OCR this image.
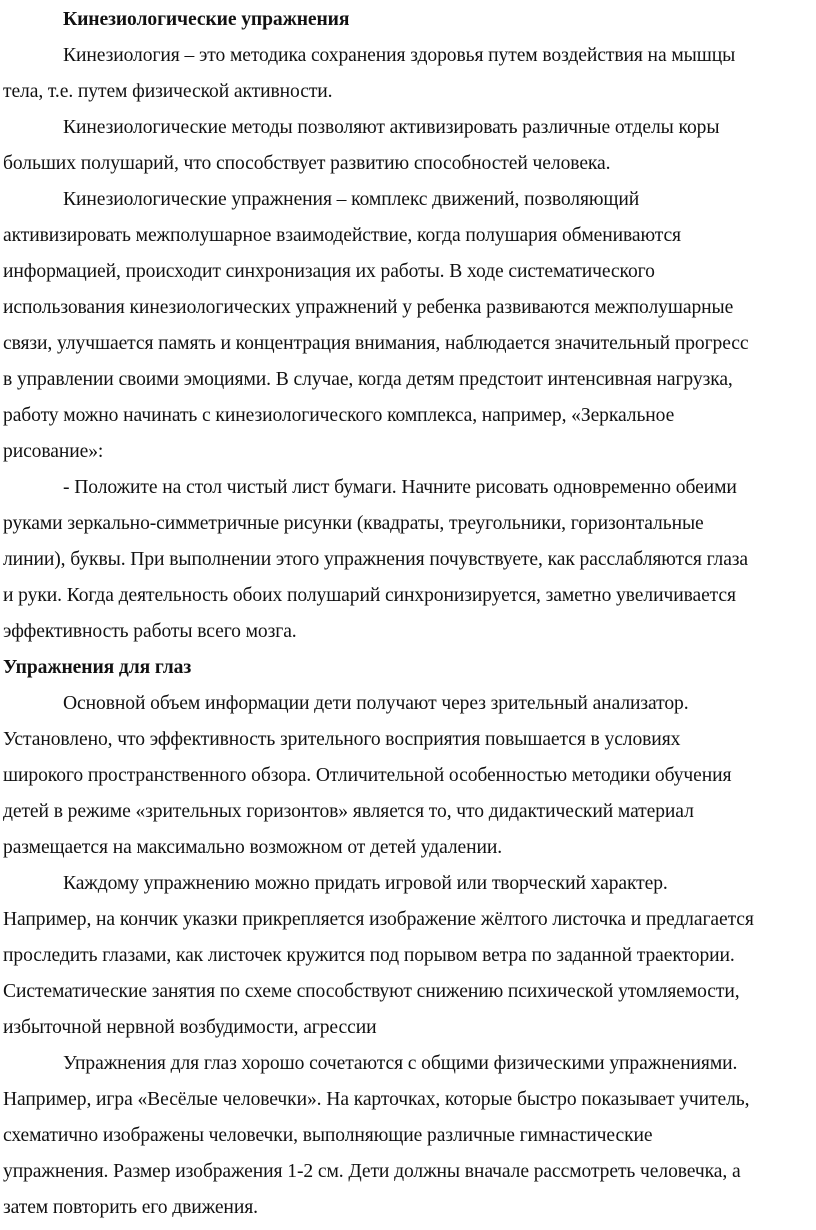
Кинезиологические упражнения
Кинезиология – это методика сохранения здоровья путем воздействия на мышцы
тела, т.е. путем физической активности.
Кинезиологические методы позволяют активизировать различные отделы коры
больших полушарий, что способствует развитию способностей человека.
Кинезиологические упражнения – комплекс движений, позволяющий
активизировать межполушарное взаимодействие, когда полушария обмениваются
информацией, происходит синхронизация их работы. В ходе систематического
использования кинезиологических упражнений у ребенка развиваются межполушарные
связи, улучшается память и концентрация внимания, наблюдается значительный прогресс
в управлении своими эмоциями. В случае, когда детям предстоит интенсивная нагрузка,
работу можно начинать с кинезиологического комплекса, например, «Зеркальное
рисование»:
- Положите на стол чистый лист бумаги. Начните рисовать одновременно обеими
руками зеркально-симметричные рисунки (квадраты, треугольники, горизонтальные
линии), буквы. При выполнении этого упражнения почувствуете, как расслабляются глаза
и руки. Когда деятельность обоих полушарий синхронизируется, заметно увеличивается
эффективность работы всего мозга.
Упражнения для глаз
Основной объем информации дети получают через зрительный анализатор.
Установлено, что эффективность зрительного восприятия повышается в условиях
широкого пространственного обзора. Отличительной особенностью методики обучения
детей в режиме «зрительных горизонтов» является то, что дидактический материал
размещается на максимально возможном от детей удалении.
Каждому упражнению можно придать игровой или творческий характер.
Например, на кончик указки прикрепляется изображение жёлтого листочка и предлагается
проследить глазами, как листочек кружится под порывом ветра по заданной траектории.
Систематические занятия по схеме способствуют снижению психической утомляемости,
избыточной нервной возбудимости, агрессии
Упражнения для глаз хорошо сочетаются с общими физическими упражнениями.
Например, игра «Весёлые человечки». На карточках, которые быстро показывает учитель,
схематично изображены человечки, выполняющие различные гимнастические
упражнения. Размер изображения 1-2 см. Дети должны вначале рассмотреть человечка, а
затем повторить его движения.
